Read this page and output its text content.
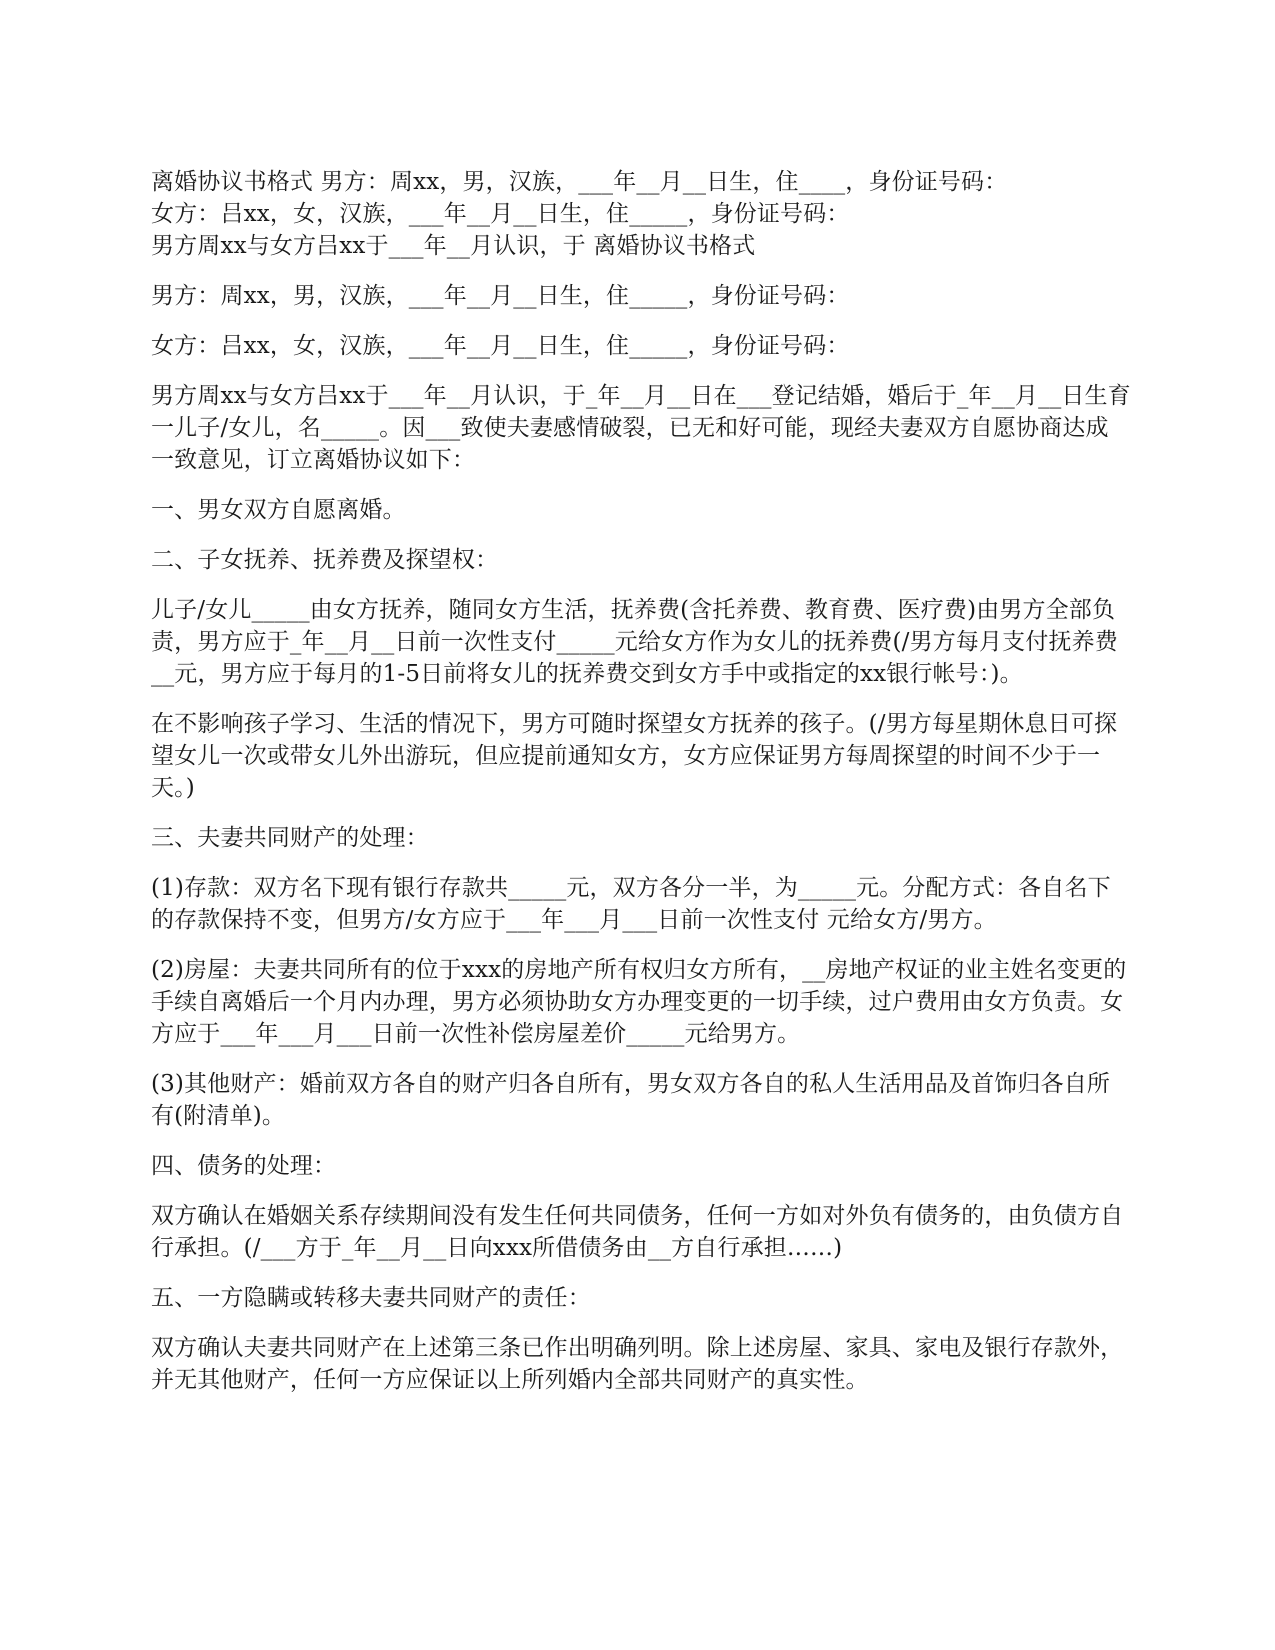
离婚协议书格式 男方：周xx，男，汉族，___年__月__日生，住____，身份证号码：
女方：吕xx，女，汉族，___年__月__日生，住_____，身份证号码：
男方周xx与女方吕xx于___年__月认识，于 离婚协议书格式

男方：周xx，男，汉族，___年__月__日生，住_____，身份证号码：

女方：吕xx，女，汉族，___年__月__日生，住_____，身份证号码：

男方周xx与女方吕xx于___年__月认识，于_年__月__日在___登记结婚，婚后于_年__月__日生育一儿子/女儿，名_____。因___致使夫妻感情破裂，已无和好可能，现经夫妻双方自愿协商达成一致意见，订立离婚协议如下：

一、男女双方自愿离婚。

二、子女抚养、抚养费及探望权：

儿子/女儿_____由女方抚养，随同女方生活，抚养费(含托养费、教育费、医疗费)由男方全部负责，男方应于_年__月__日前一次性支付_____元给女方作为女儿的抚养费(/男方每月支付抚养费__元，男方应于每月的1-5日前将女儿的抚养费交到女方手中或指定的xx银行帐号：)。

在不影响孩子学习、生活的情况下，男方可随时探望女方抚养的孩子。(/男方每星期休息日可探望女儿一次或带女儿外出游玩，但应提前通知女方，女方应保证男方每周探望的时间不少于一天。)

三、夫妻共同财产的处理：

(1)存款：双方名下现有银行存款共_____元，双方各分一半，为_____元。分配方式：各自名下的存款保持不变，但男方/女方应于___年___月___日前一次性支付 元给女方/男方。

(2)房屋：夫妻共同所有的位于xxx的房地产所有权归女方所有，__房地产权证的业主姓名变更的手续自离婚后一个月内办理，男方必须协助女方办理变更的一切手续，过户费用由女方负责。女方应于___年___月___日前一次性补偿房屋差价_____元给男方。

(3)其他财产：婚前双方各自的财产归各自所有，男女双方各自的私人生活用品及首饰归各自所有(附清单)。

四、债务的处理：

双方确认在婚姻关系存续期间没有发生任何共同债务，任何一方如对外负有债务的，由负债方自行承担。(/___方于_年__月__日向xxx所借债务由__方自行承担……)

五、一方隐瞒或转移夫妻共同财产的责任：

双方确认夫妻共同财产在上述第三条已作出明确列明。除上述房屋、家具、家电及银行存款外，并无其他财产，任何一方应保证以上所列婚内全部共同财产的真实性。
